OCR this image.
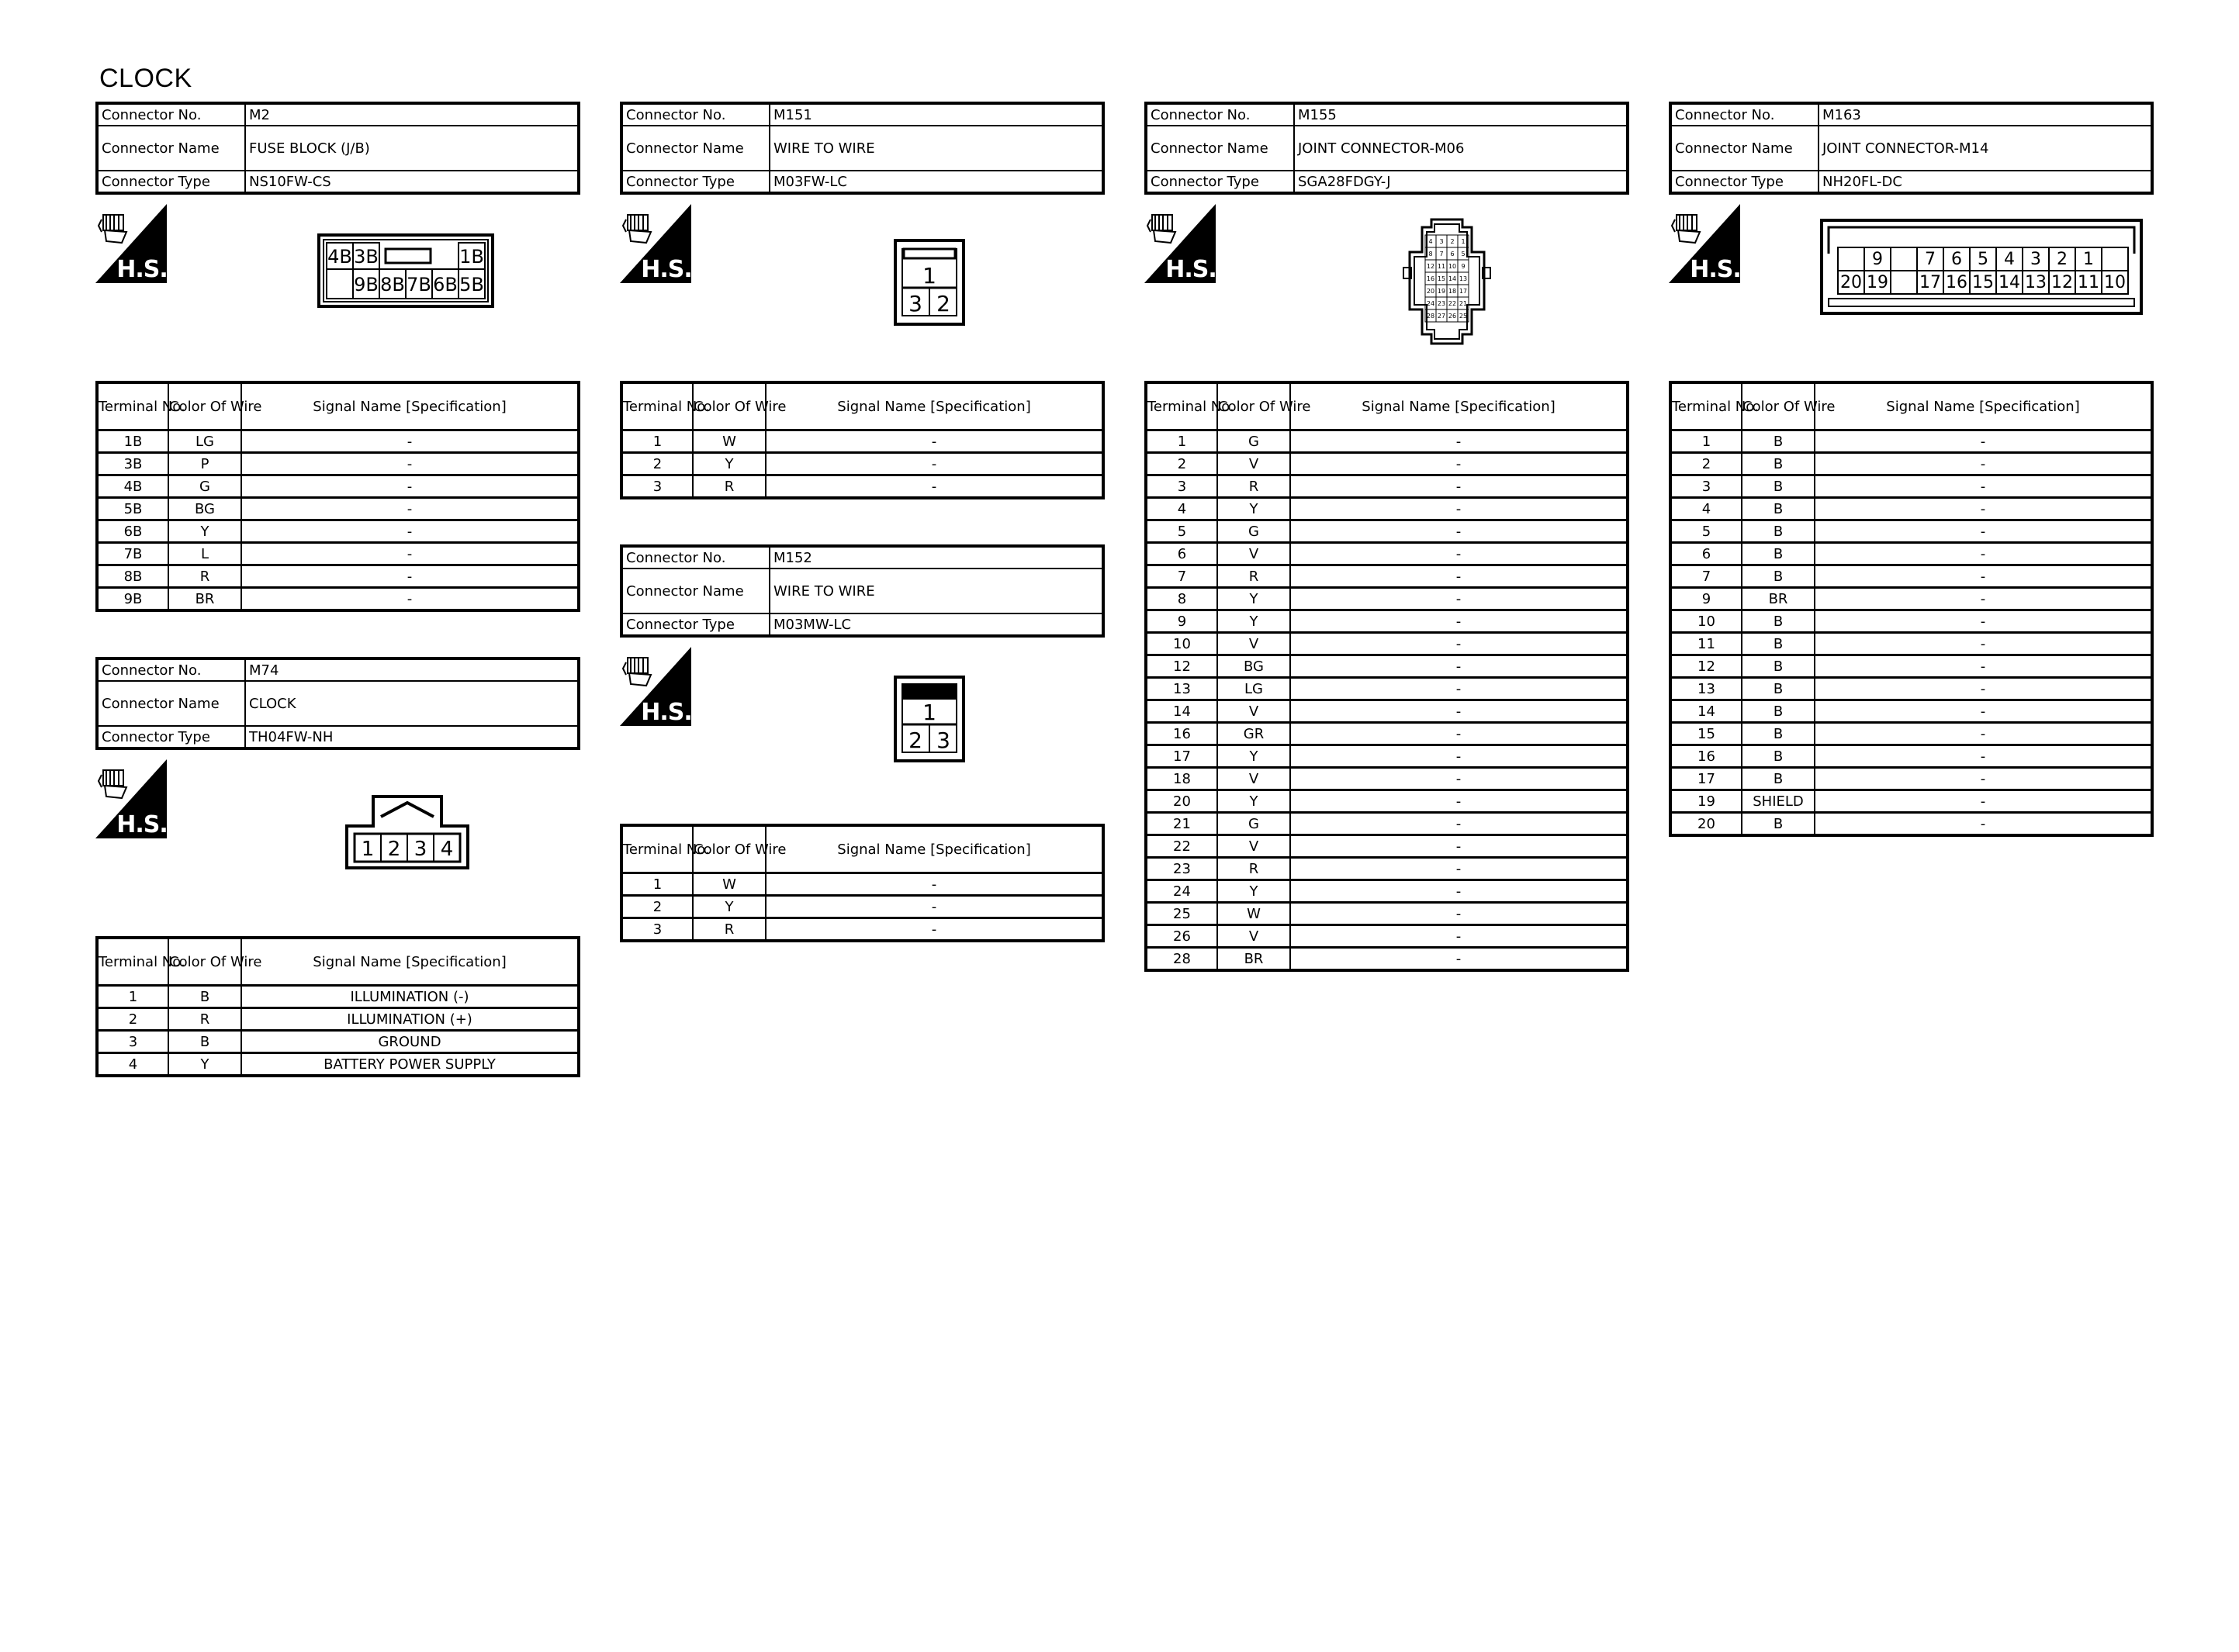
CLOCK
Connector No.	M2
Connector Name	FUSE BLOCK (J/B)
Connector Type	NS10FW-CS
4B 3B	1B
9B 8B 7B 6B 5B
Terminal No.	Color Of Wire	Signal Name [Specification]
1B	LG	-
3B	P	-
4B	G	-
5B	BG	-
6B	Y	-
7B	L	-
8B	R	-
9B	BR	-
Connector No.	M74
Connector Name	CLOCK
Connector Type	TH04FW-NH
1 2 3 4
Terminal No.	Color Of Wire	Signal Name [Specification]
1	B	ILLUMINATION (-)
2	R	ILLUMINATION (+)
3	B	GROUND
4	Y	BATTERY POWER SUPPLY
Connector No.	M151
Connector Name	WIRE TO WIRE
Connector Type	M03FW-LC
1
3 2
Terminal No.	Color Of Wire	Signal Name [Specification]
1	W	-
2	Y	-
3	R	-
Connector No.	M152
Connector Name	WIRE TO WIRE
Connector Type	M03MW-LC
1
2 3
Terminal No.	Color Of Wire	Signal Name [Specification]
1	W	-
2	Y	-
3	R	-
Connector No.	M155
Connector Name	JOINT CONNECTOR-M06
Connector Type	SGA28FDGY-J
4 3 2 1
8 7 6 5
12 11 10 9
16 15 14 13
20 19 18 17
24 23 22 21
28 27 26 25
Terminal No.	Color Of Wire	Signal Name [Specification]
1	G	-
2	V	-
3	R	-
4	Y	-
5	G	-
6	V	-
7	R	-
8	Y	-
9	Y	-
10	V	-
12	BG	-
13	LG	-
14	V	-
16	GR	-
17	Y	-
18	V	-
20	Y	-
21	G	-
22	V	-
23	R	-
24	Y	-
25	W	-
26	V	-
28	BR	-
Connector No.	M163
Connector Name	JOINT CONNECTOR-M14
Connector Type	NH20FL-DC
9 7 6 5 4 3 2 1
20 19 17 16 15 14 13 12 11 10
Terminal No.	Color Of Wire	Signal Name [Specification]
1	B	-
2	B	-
3	B	-
4	B	-
5	B	-
6	B	-
7	B	-
9	BR	-
10	B	-
11	B	-
12	B	-
13	B	-
14	B	-
15	B	-
16	B	-
17	B	-
19	SHIELD	-
20	B	-
